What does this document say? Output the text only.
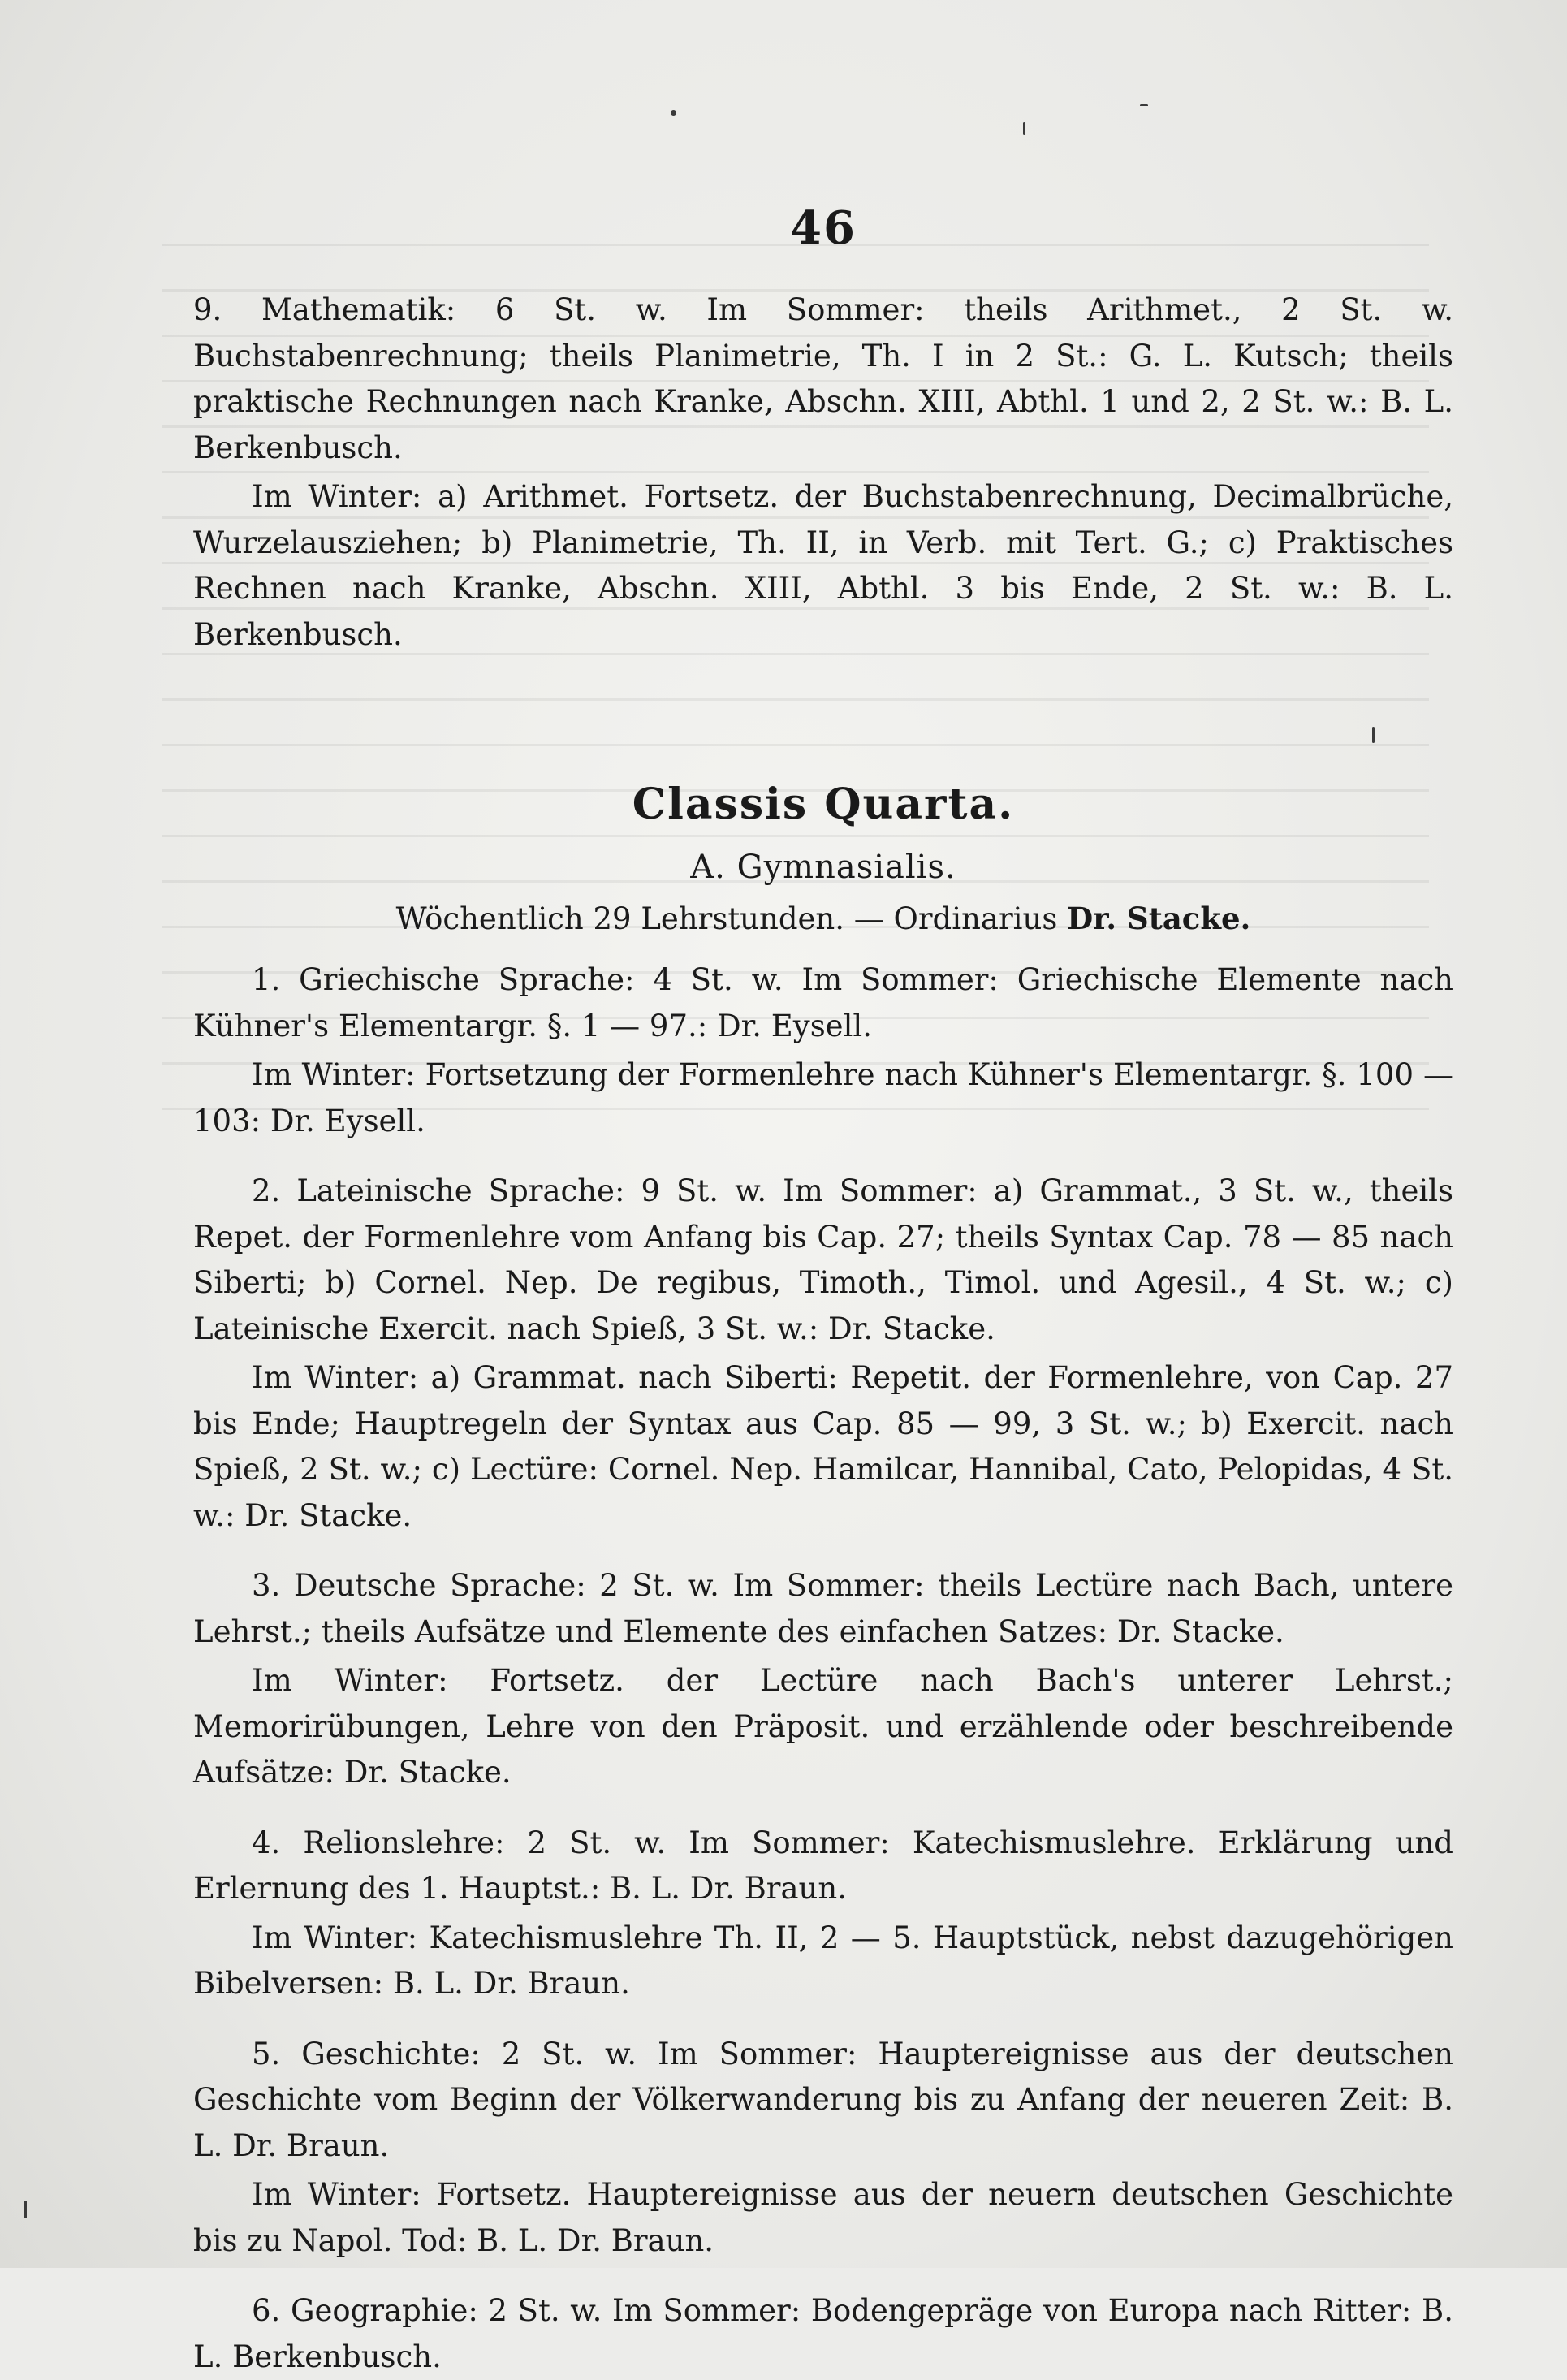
46

9. Mathematik: 6 St. w. Im Sommer: theils Arithmet., 2 St. w. Buchstabenrechnung; theils Planimetrie, Th. I in 2 St.: G. L. Kutsch; theils praktische Rechnungen nach Kranke, Abschn. XIII, Abthl. 1 und 2, 2 St. w.: B. L. Berkenbusch.

Im Winter: a) Arithmet. Fortsetz. der Buchstabenrechnung, Decimalbrüche, Wurzelausziehen; b) Planimetrie, Th. II, in Verb. mit Tert. G.; c) Praktisches Rechnen nach Kranke, Abschn. XIII, Abthl. 3 bis Ende, 2 St. w.: B. L. Berkenbusch.

Classis Quarta.
A. Gymnasialis.
Wöchentlich 29 Lehrstunden. — Ordinarius Dr. Stacke.

1. Griechische Sprache: 4 St. w. Im Sommer: Griechische Elemente nach Kühner's Elementargr. §. 1 — 97.: Dr. Eysell.

Im Winter: Fortsetzung der Formenlehre nach Kühner's Elementargr. §. 100 — 103: Dr. Eysell.

2. Lateinische Sprache: 9 St. w. Im Sommer: a) Grammat., 3 St. w., theils Repet. der Formenlehre vom Anfang bis Cap. 27; theils Syntax Cap. 78 — 85 nach Siberti; b) Cornel. Nep. De regibus, Timoth., Timol. und Agesil., 4 St. w.; c) Lateinische Exercit. nach Spieß, 3 St. w.: Dr. Stacke.

Im Winter: a) Grammat. nach Siberti: Repetit. der Formenlehre, von Cap. 27 bis Ende; Hauptregeln der Syntax aus Cap. 85 — 99, 3 St. w.; b) Exercit. nach Spieß, 2 St. w.; c) Lectüre: Cornel. Nep. Hamilcar, Hannibal, Cato, Pelopidas, 4 St. w.: Dr. Stacke.

3. Deutsche Sprache: 2 St. w. Im Sommer: theils Lectüre nach Bach, untere Lehrst.; theils Aufsätze und Elemente des einfachen Satzes: Dr. Stacke.

Im Winter: Fortsetz. der Lectüre nach Bach's unterer Lehrst.; Memorirübungen, Lehre von den Präposit. und erzählende oder beschreibende Aufsätze: Dr. Stacke.

4. Relionslehre: 2 St. w. Im Sommer: Katechismuslehre. Erklärung und Erlernung des 1. Hauptst.: B. L. Dr. Braun.

Im Winter: Katechismuslehre Th. II, 2 — 5. Hauptstück, nebst dazugehörigen Bibelversen: B. L. Dr. Braun.

5. Geschichte: 2 St. w. Im Sommer: Hauptereignisse aus der deutschen Geschichte vom Beginn der Völkerwanderung bis zu Anfang der neueren Zeit: B. L. Dr. Braun.

Im Winter: Fortsetz. Hauptereignisse aus der neuern deutschen Geschichte bis zu Napol. Tod: B. L. Dr. Braun.

6. Geographie: 2 St. w. Im Sommer: Bodengepräge von Europa nach Ritter: B. L. Berkenbusch.
